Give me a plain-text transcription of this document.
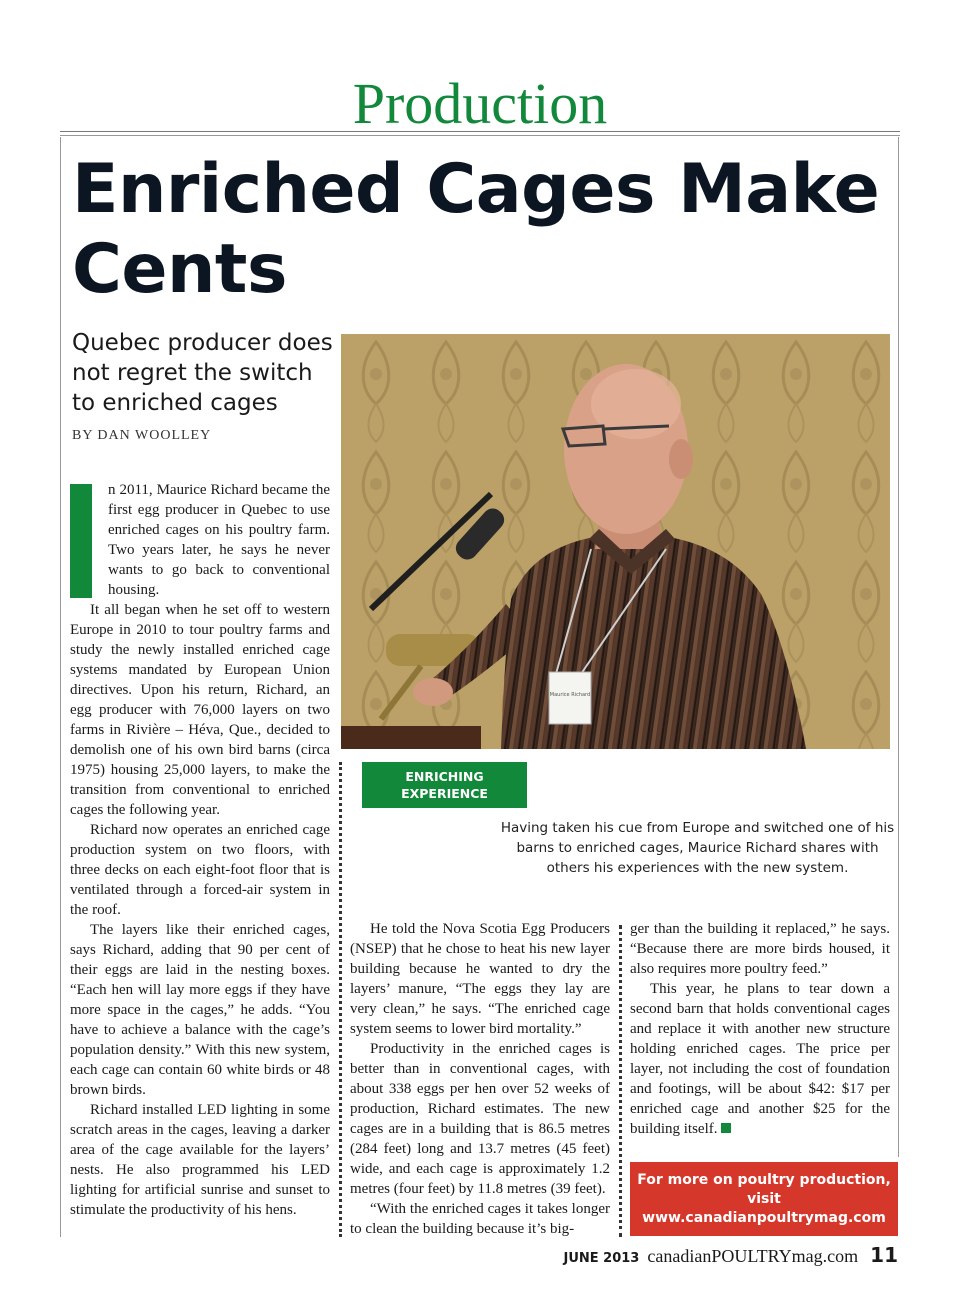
Production
Enriched Cages Make Cents

Quebec producer does not regret the switch to enriched cages

BY DAN WOOLLEY
Maurice Richard
ENRICHING
EXPERIENCE
Having taken his cue from Europe and switched one of his barns to enriched cages, Maurice Richard shares with others his experiences with the new system.

n 2011, Maurice Richard became the first egg producer in Quebec to use enriched cages on his poultry farm. Two years later, he says he never wants to go back to conventional housing.

It all began when he set off to western Europe in 2010 to tour poultry farms and study the newly installed enriched cage systems mandated by European Union directives. Upon his return, Richard, an egg producer with 76,000 layers on two farms in Rivière – Héva, Que., decided to demolish one of his own bird barns (circa 1975) housing 25,000 layers, to make the transition from conventional to enriched cages the following year.

Richard now operates an enriched cage production system on two floors, with three decks on each eight-foot floor that is ventilated through a forced-air system in the roof.

The layers like their enriched cages, says Richard, adding that 90 per cent of their eggs are laid in the nesting boxes. “Each hen will lay more eggs if they have more space in the cages,” he adds. “You have to achieve a balance with the cage’s population density.” With this new system, each cage can contain 60 white birds or 48 brown birds.

Richard installed LED lighting in some scratch areas in the cages, leaving a darker area of the cage available for the layers’ nests. He also programmed his LED lighting for artificial sunrise and sunset to stimulate the productivity of his hens.

He told the Nova Scotia Egg Producers (NSEP) that he chose to heat his new layer building because he wanted to dry the layers’ manure, “The eggs they lay are very clean,” he says. “The enriched cage system seems to lower bird mortality.”

Productivity in the enriched cages is better than in conventional cages, with about 338 eggs per hen over 52 weeks of production, Richard estimates. The new cages are in a building that is 86.5 metres (284 feet) long and 13.7 metres (45 feet) wide, and each cage is approximately 1.2 metres (four feet) by 11.8 metres (39 feet).

“With the enriched cages it takes longer to clean the building because it’s big-

ger than the building it replaced,” he says. “Because there are more birds housed, it also requires more poultry feed.”

This year, he plans to tear down a second barn that holds conventional cages and replace it with another new structure holding enriched cages. The price per layer, not including the cost of foundation and footings, will be about $42: $17 per enriched cage and another $25 for the building itself.

For more on poultry production,
visit www.canadianpoultrymag.com
JUNE 2013 canadianPOULTRYmag.com 11
